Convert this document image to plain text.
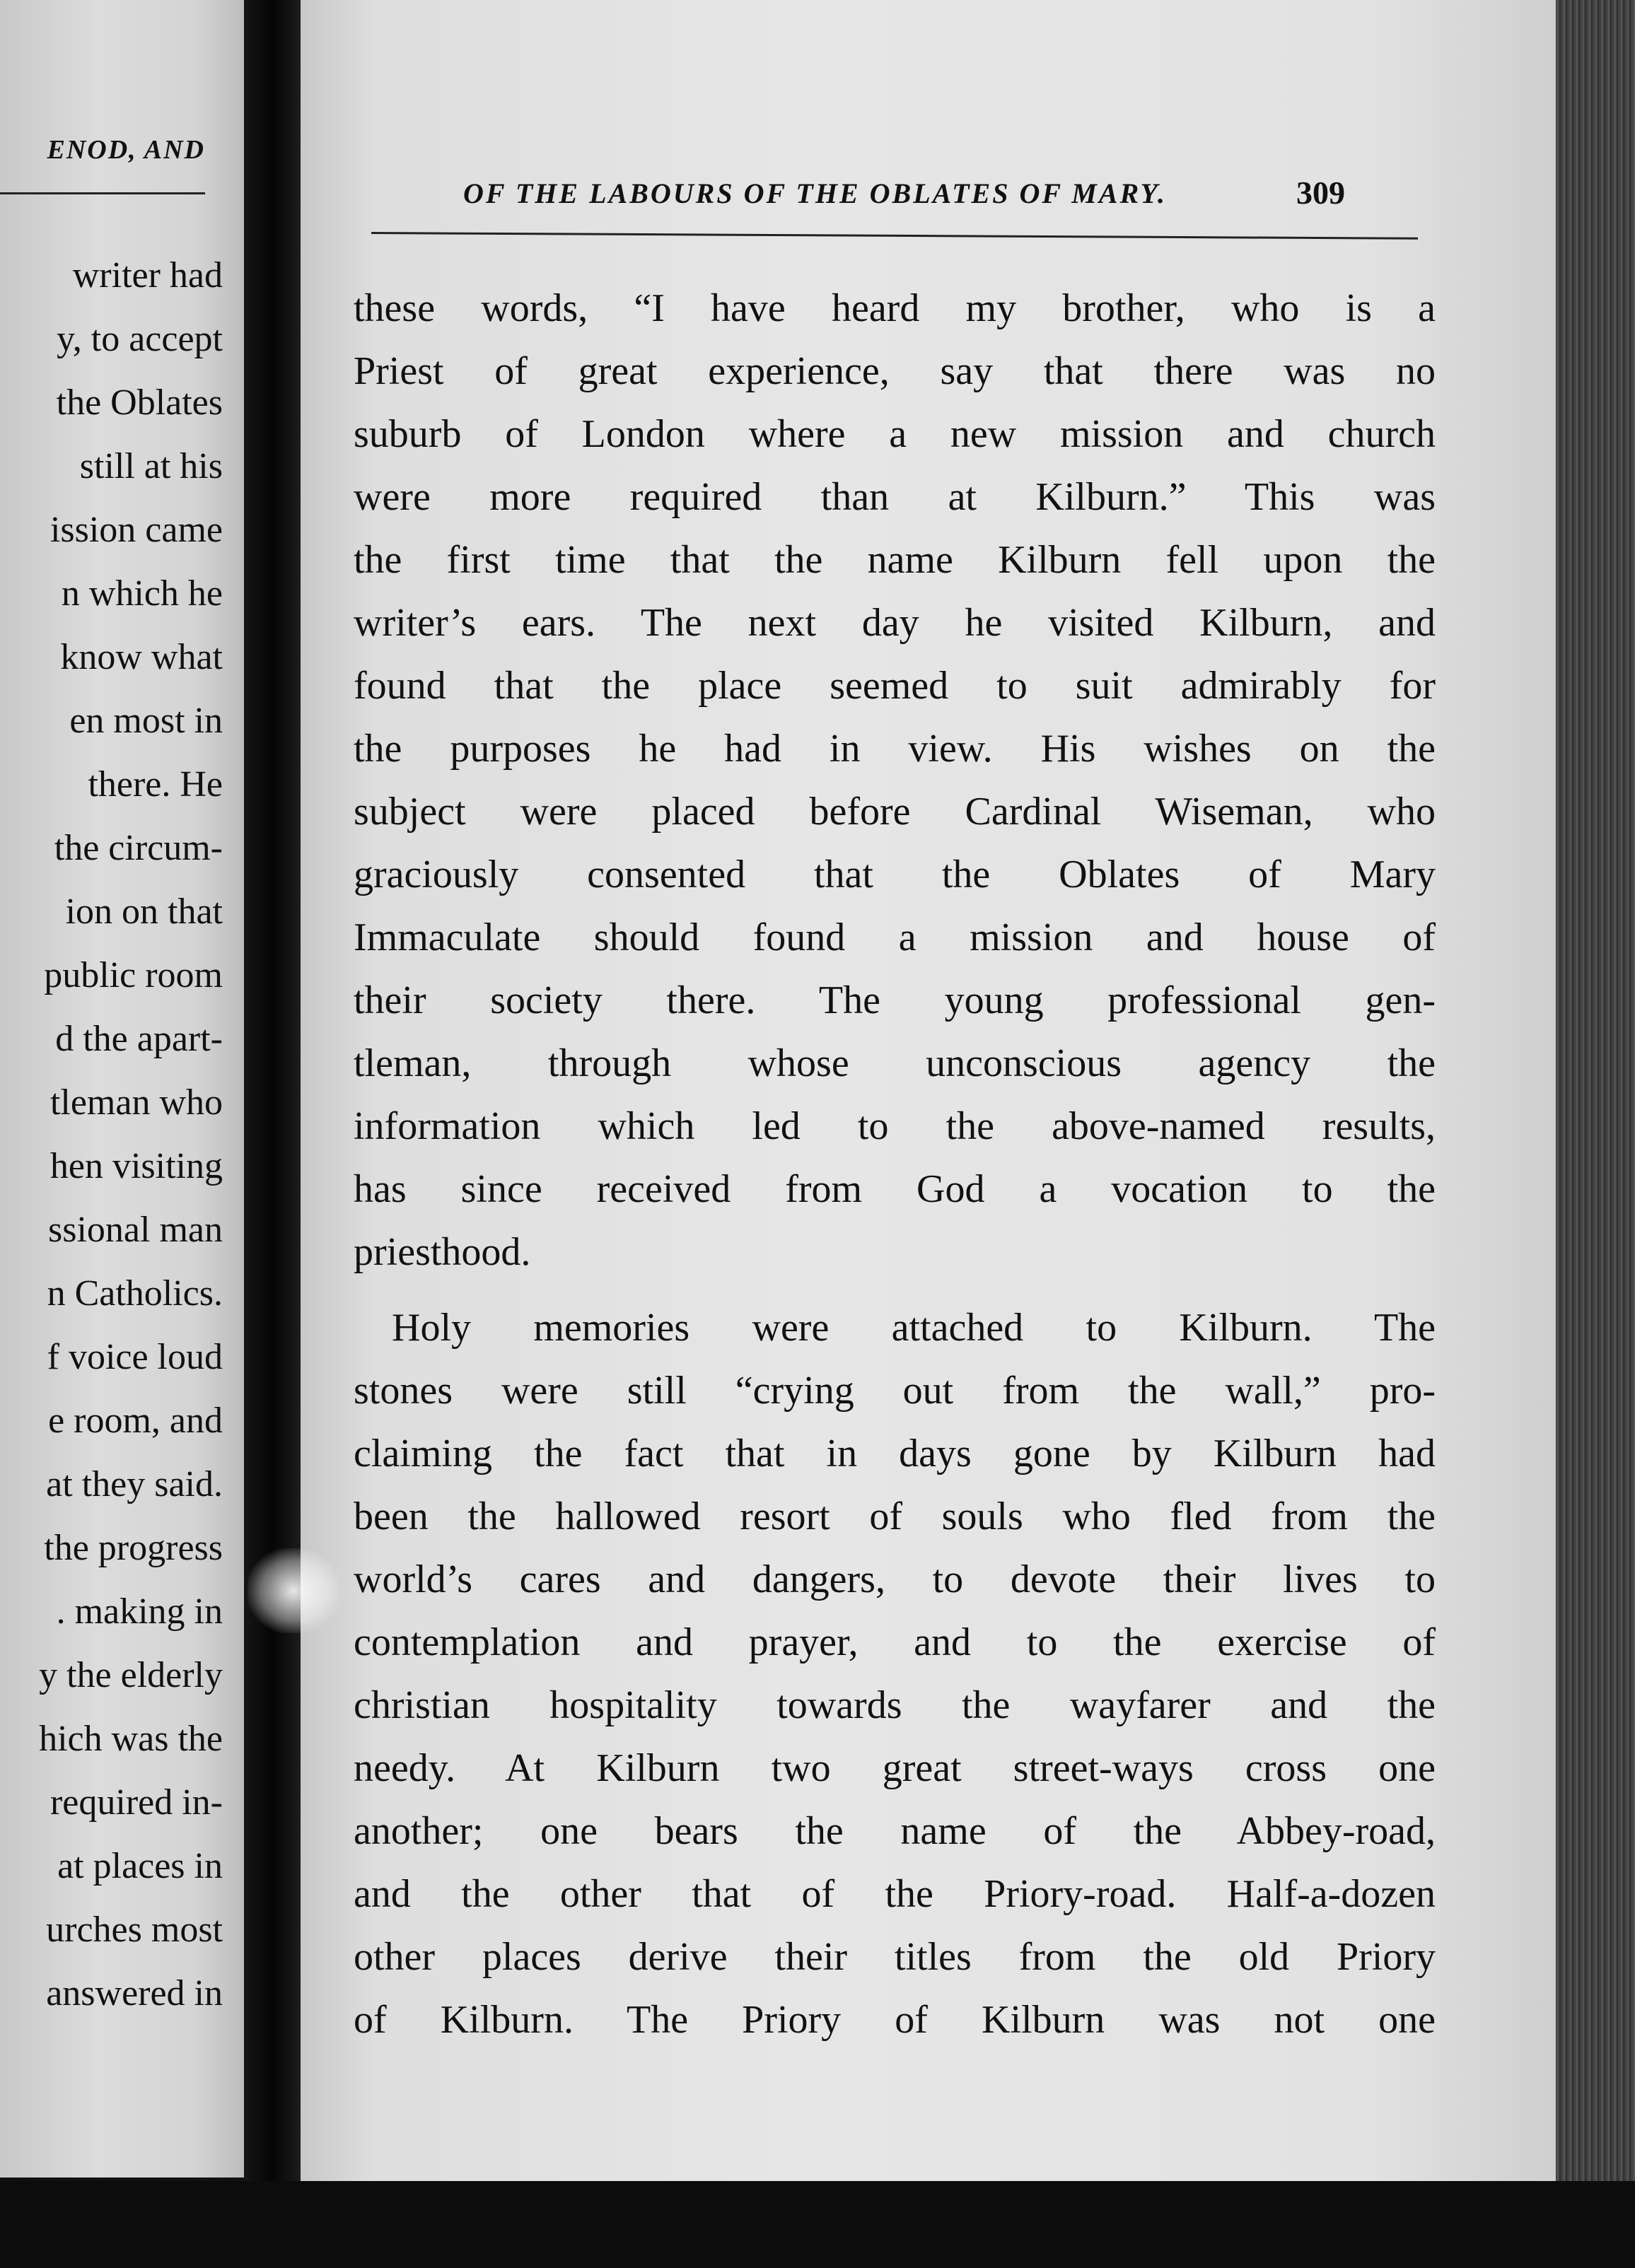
ENOD, AND
writer had
y, to accept
the Oblates
still at his
ission came
n which he
know what
en most in
there. He
the circum-
ion on that
public room
d the apart-
tleman who
hen visiting
ssional man
n Catholics.
f voice loud
e room, and
at they said.
the progress
. making in
y the elderly
hich was the
required in-
at places in
urches most
answered in
OF THE LABOURS OF THE OBLATES OF MARY.	309
these words, “I have heard my brother, who is a
Priest of great experience, say that there was no
suburb of London where a new mission and church
were more required than at Kilburn.” This was
the first time that the name Kilburn fell upon the
writer’s ears. The next day he visited Kilburn, and
found that the place seemed to suit admirably for
the purposes he had in view. His wishes on the
subject were placed before Cardinal Wiseman, who
graciously consented that the Oblates of Mary
Immaculate should found a mission and house of
their society there. The young professional gen-
tleman, through whose unconscious agency the
information which led to the above-named results,
has since received from God a vocation to the
priesthood.
Holy memories were attached to Kilburn. The
stones were still “crying out from the wall,” pro-
claiming the fact that in days gone by Kilburn had
been the hallowed resort of souls who fled from the
world’s cares and dangers, to devote their lives to
contemplation and prayer, and to the exercise of
christian hospitality towards the wayfarer and the
needy. At Kilburn two great street-ways cross one
another; one bears the name of the Abbey-road,
and the other that of the Priory-road. Half-a-dozen
other places derive their titles from the old Priory
of Kilburn. The Priory of Kilburn was not one
